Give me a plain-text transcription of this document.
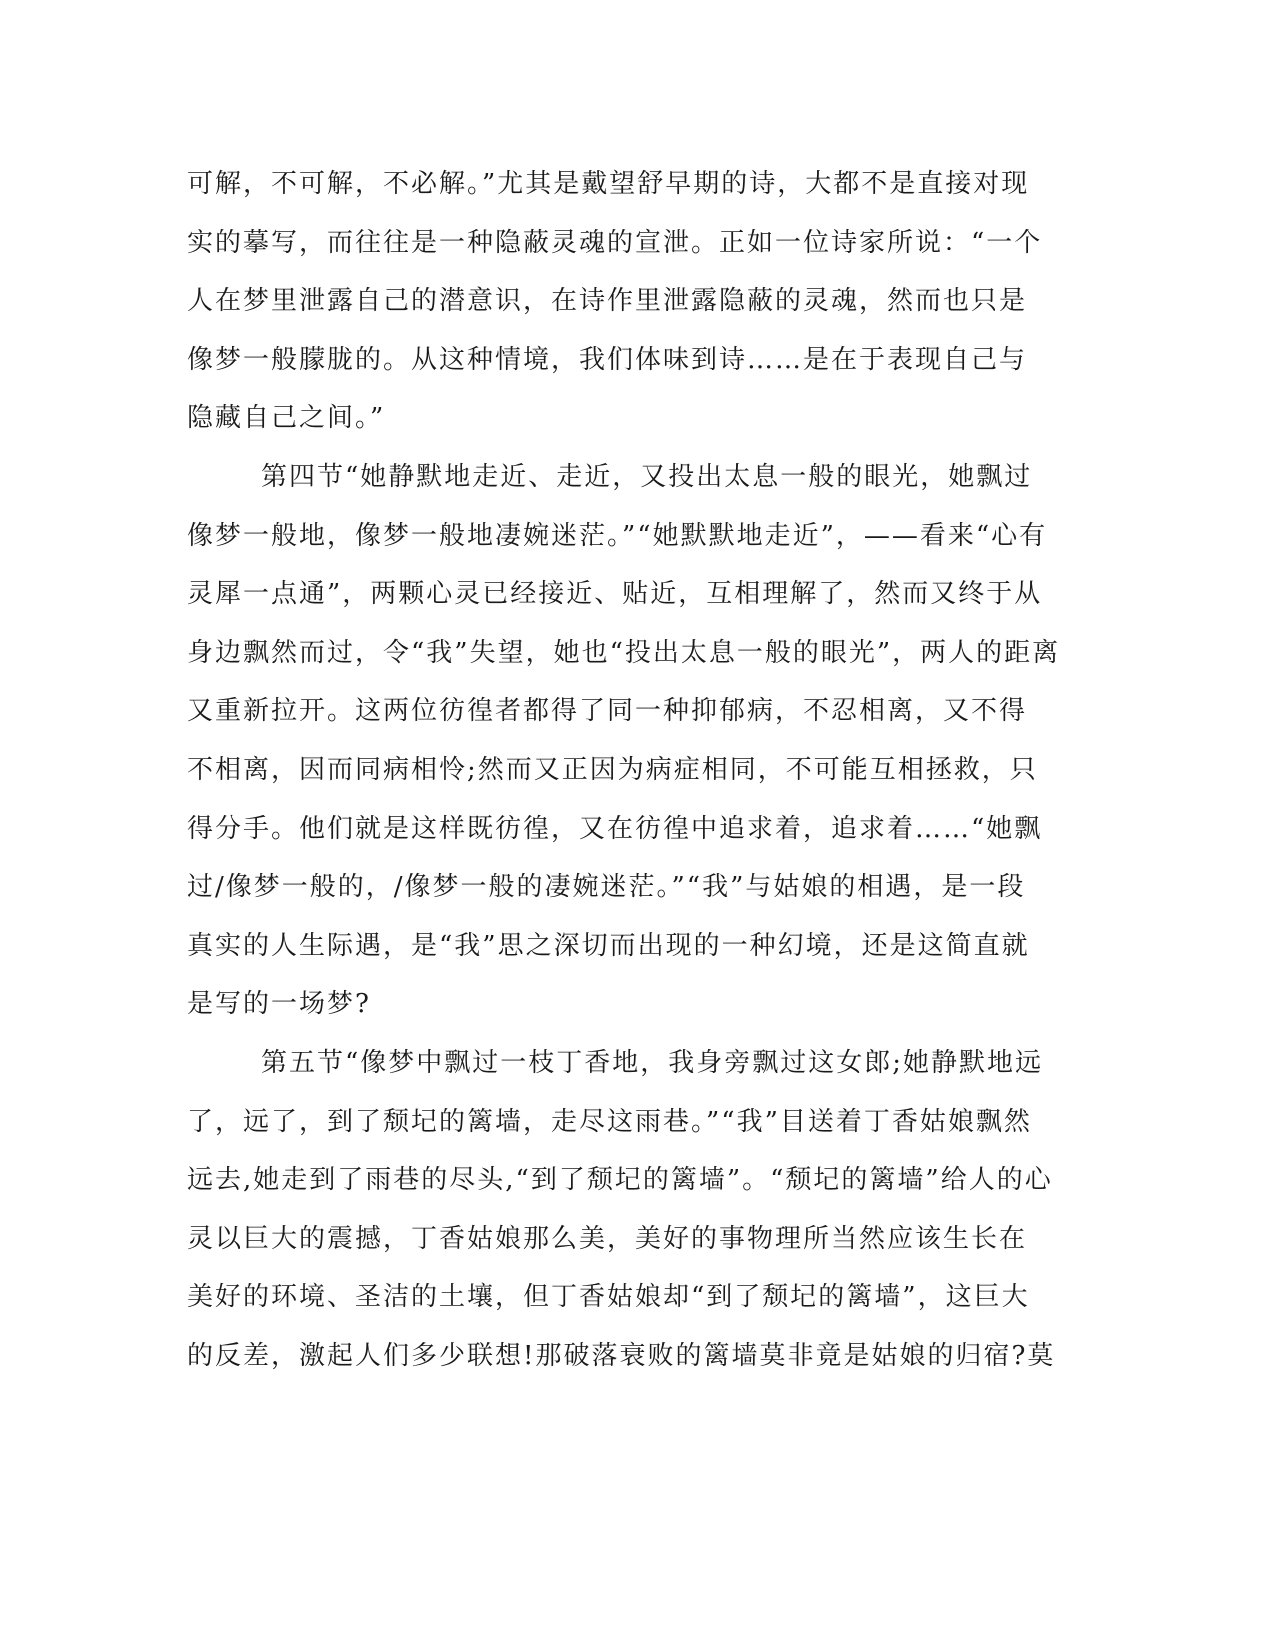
可解，不可解，不必解。”尤其是戴望舒早期的诗，大都不是直接对现
实的摹写，而往往是一种隐蔽灵魂的宣泄。正如一位诗家所说：“一个
人在梦里泄露自己的潜意识，在诗作里泄露隐蔽的灵魂，然而也只是
像梦一般朦胧的。从这种情境，我们体味到诗……是在于表现自己与
隐藏自己之间。”
第四节“她静默地走近、走近，又投出太息一般的眼光，她飘过
像梦一般地，像梦一般地凄婉迷茫。”“她默默地走近”，——看来“心有
灵犀一点通”，两颗心灵已经接近、贴近，互相理解了，然而又终于从
身边飘然而过，令“我”失望，她也“投出太息一般的眼光”，两人的距离
又重新拉开。这两位彷徨者都得了同一种抑郁病，不忍相离，又不得
不相离，因而同病相怜;然而又正因为病症相同，不可能互相拯救，只
得分手。他们就是这样既彷徨，又在彷徨中追求着，追求着……“她飘
过/像梦一般的，/像梦一般的凄婉迷茫。”“我”与姑娘的相遇，是一段
真实的人生际遇，是“我”思之深切而出现的一种幻境，还是这简直就
是写的一场梦?
第五节“像梦中飘过一枝丁香地，我身旁飘过这女郎;她静默地远
了，远了，到了颓圮的篱墙，走尽这雨巷。”“我”目送着丁香姑娘飘然
远去,她走到了雨巷的尽头,“到了颓圮的篱墙”。“颓圮的篱墙”给人的心
灵以巨大的震撼，丁香姑娘那么美，美好的事物理所当然应该生长在
美好的环境、圣洁的土壤，但丁香姑娘却“到了颓圮的篱墙”，这巨大
的反差，激起人们多少联想!那破落衰败的篱墙莫非竟是姑娘的归宿?莫
